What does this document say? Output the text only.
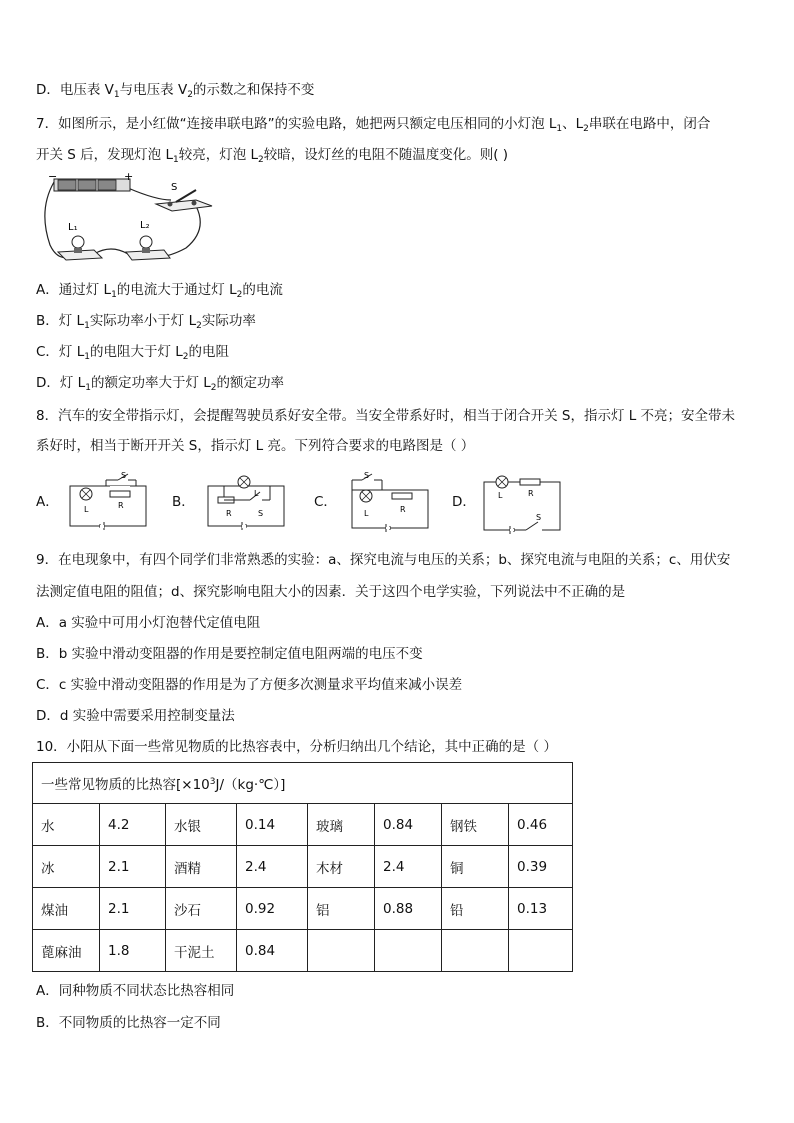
D．电压表 $V_1$与电压表 $V_2$的示数之和保持不变
7．如图所示，是小红做“连接串联电路”的实验电路，她把两只额定电压相同的小灯泡 $L_1$、$L_2$串联在电路中，闭合
开关 S 后，发现灯泡 $L_1$较亮，灯泡 $L_2$较暗，设灯丝的电阻不随温度变化。则( )
−	+
S
L₁	L₂
A．通过灯 $L_1$的电流大于通过灯 $L_2$的电流
B．灯 $L_1$实际功率小于灯 $L_2$实际功率
C．灯 $L_1$的电阻大于灯 $L_2$的电阻
D．灯 $L_1$的额定功率大于灯 $L_2$的额定功率
8．汽车的安全带指示灯，会提醒驾驶员系好安全带。当安全带系好时，相当于闭合开关 S，指示灯 L 不亮；安全带未
系好时，相当于断开开关 S，指示灯 L 亮。下列符合要求的电路图是（ ）
A．	B．	C．	D．
S
R
L	R	S
L
S
R
L
L	R
S
9．在电现象中，有四个同学们非常熟悉的实验：a、探究电流与电压的关系；b、探究电流与电阻的关系；c、用伏安
法测定值电阻的阻值；d、探究影响电阻大小的因素．关于这四个电学实验，下列说法中不正确的是
A．a 实验中可用小灯泡替代定值电阻
B．b 实验中滑动变阻器的作用是要控制定值电阻两端的电压不变
C．c 实验中滑动变阻器的作用是为了方便多次测量求平均值来减小误差
D．d 实验中需要采用控制变量法
10．小阳从下面一些常见物质的比热容表中，分析归纳出几个结论，其中正确的是（ ）
一些常见物质的比热容$[\times 10^3J/(kg\cdot℃)]$							
水	4.2	水银	0.14	玻璃	0.84	钢铁	0.46
冰	2.1	酒精	2.4	木材	2.4	铜	0.39
煤油	2.1	沙石	0.92	铝	0.88	铅	0.13
蓖麻油	1.8	干泥土	0.84				
A．同种物质不同状态比热容相同
B．不同物质的比热容一定不同
